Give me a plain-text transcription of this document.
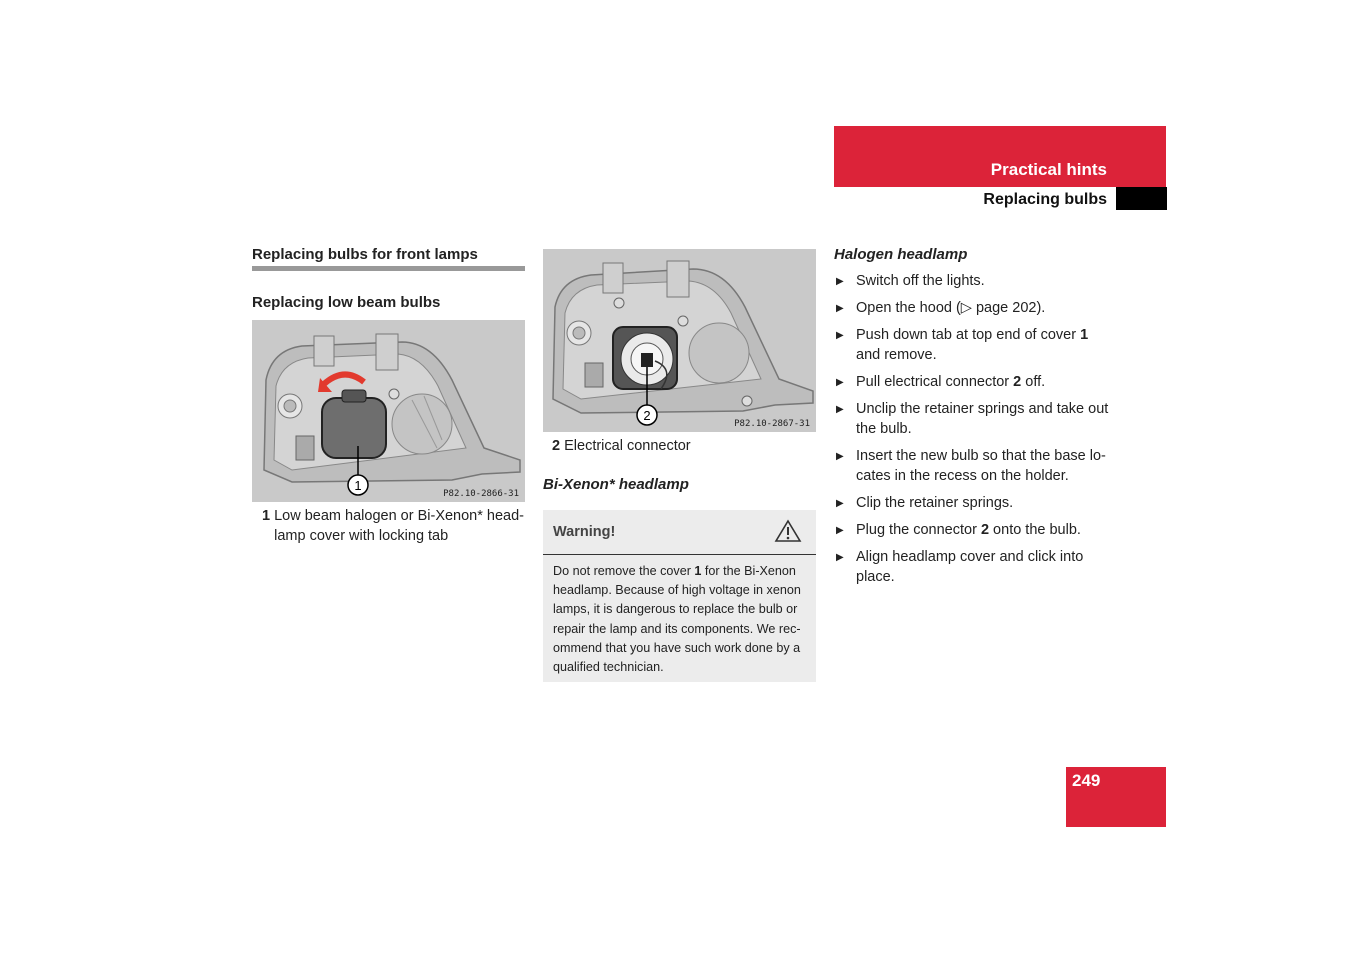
Practical hints
Replacing bulbs
Replacing bulbs for front lamps
Replacing low beam bulbs
1
P82.10-2866-31
1 Low beam halogen or Bi-Xenon* head-lamp cover with locking tab
2
P82.10-2867-31
2 Electrical connector
Bi-Xenon* headlamp
Warning!
Do not remove the cover 1 for the Bi-Xenon headlamp. Because of high voltage in xenon lamps, it is dangerous to replace the bulb or repair the lamp and its components. We rec-ommend that you have such work done by a qualified technician.
Halogen headlamp
▶ Switch off the lights.
▶ Open the hood (▷ page 202).
▶ Push down tab at top end of cover 1 and remove.
▶ Pull electrical connector 2 off.
▶ Unclip the retainer springs and take out the bulb.
▶ Insert the new bulb so that the base lo-cates in the recess on the holder.
▶ Clip the retainer springs.
▶ Plug the connector 2 onto the bulb.
▶ Align headlamp cover and click into place.
249
